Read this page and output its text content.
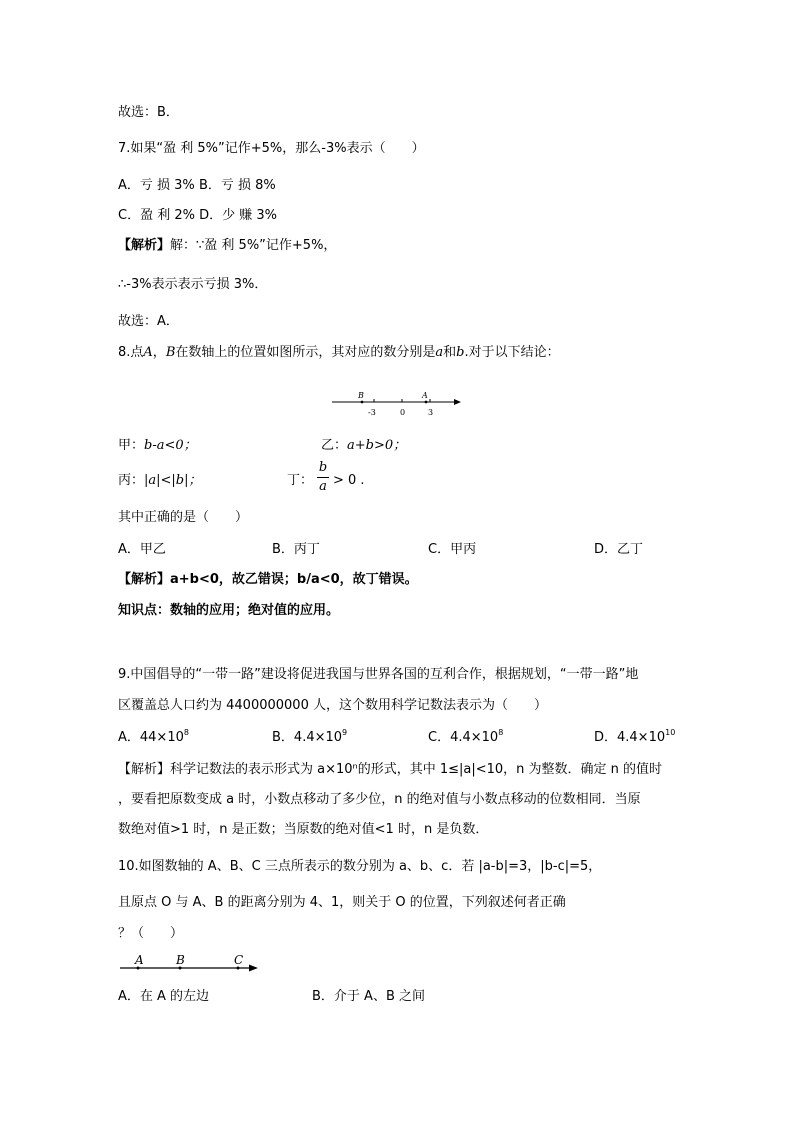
故选：B．
7.如果“盈 利 5%”记作+5%，那么-3%表示（　　）
A．亏 损 3% B．亏 损 8%
C．盈 利 2% D．少 赚 3%
【解析】解：∵盈 利 5%”记作+5%，
∴-3%表示表示亏损 3%．
故选：A．
8.点A，B在数轴上的位置如图所示，其对应的数分别是a和b.对于以下结论：
B	A
-3	0	3
甲：b-a<0；	乙：a+b>0；
丙：|a|<|b|；	丁：
b
a > 0 .
其中正确的是（　　）
A．甲乙	B．丙丁	C．甲丙	D．乙丁
【解析】a+b<0，故乙错误；b/a<0，故丁错误。
知识点：数轴的应用；绝对值的应用。
9.中国倡导的“一带一路”建设将促进我国与世界各国的互利合作，根据规划，“一带一路”地
区覆盖总人口约为 4400000000 人，这个数用科学记数法表示为（　　）
A．$44\times 10^8$	B．$4.4\times 10^9$	C．$4.4\times 10^8$	D．$4.4\times 10^{10}$
【解析】科学记数法的表示形式为 a×10ⁿ的形式，其中 1≤|a|<10，n 为整数．确定 n 的值时
，要看把原数变成 a 时，小数点移动了多少位，n 的绝对值与小数点移动的位数相同．当原
数绝对值>1 时，n 是正数；当原数的绝对值<1 时，n 是负数．
10.如图数轴的 A、B、C 三点所表示的数分别为 a、b、c．若 |a-b|=3，|b-c|=5，
且原点 O 与 A、B 的距离分别为 4、1，则关于 O 的位置，下列叙述何者正确
？（　　）
A	B	C
A．在 A 的左边	B．介于 A、B 之间
